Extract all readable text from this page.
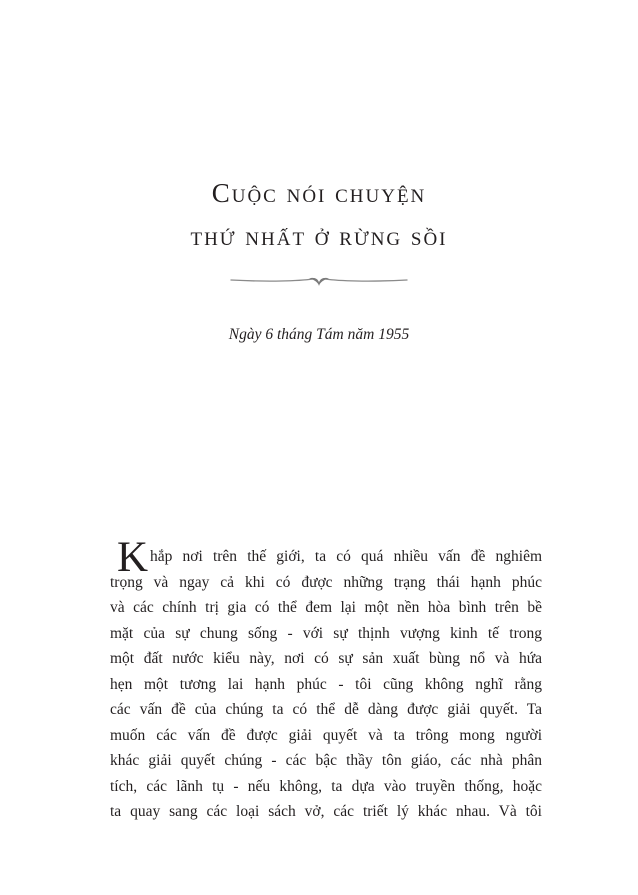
Cuộc nói chuyện
thứ nhất ở rừng sồi
Ngày 6 tháng Tám năm 1955
K hắp nơi trên thế giới, ta có quá nhiều vấn đề nghiêm
trọng và ngay cả khi có được những trạng thái hạnh phúc
và các chính trị gia có thể đem lại một nền hòa bình trên bề
mặt của sự chung sống - với sự thịnh vượng kinh tế trong
một đất nước kiểu này, nơi có sự sản xuất bùng nổ và hứa
hẹn một tương lai hạnh phúc - tôi cũng không nghĩ rằng
các vấn đề của chúng ta có thể dễ dàng được giải quyết. Ta
muốn các vấn đề được giải quyết và ta trông mong người
khác giải quyết chúng - các bậc thầy tôn giáo, các nhà phân
tích, các lãnh tụ - nếu không, ta dựa vào truyền thống, hoặc
ta quay sang các loại sách vở, các triết lý khác nhau. Và tôi
